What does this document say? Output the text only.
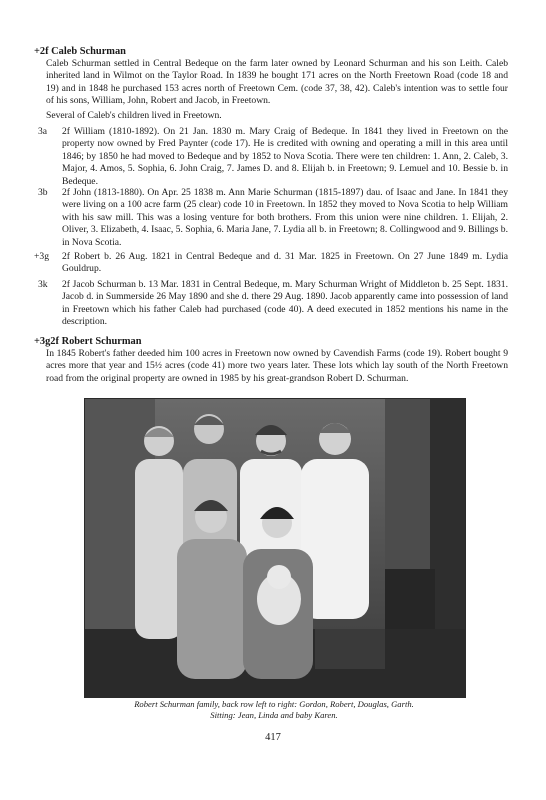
+2f Caleb Schurman
Caleb Schurman settled in Central Bedeque on the farm later owned by Leonard Schurman and his son Leith. Caleb inherited land in Wilmot on the Taylor Road. In 1839 he bought 171 acres on the North Freetown Road (code 18 and 19) and in 1848 he purchased 153 acres north of Freetown Cem. (code 37, 38, 42). Caleb's intention was to settle four of his sons, William, John, Robert and Jacob, in Freetown.
Several of Caleb's children lived in Freetown.
3a 2f William (1810-1892). On 21 Jan. 1830 m. Mary Craig of Bedeque. In 1841 they lived in Freetown on the property now owned by Fred Paynter (code 17). He is credited with owning and operating a mill in this area until 1846; by 1850 he had moved to Bedeque and by 1852 to Nova Scotia. There were ten children: 1. Ann, 2. Caleb, 3. Major, 4. Amos, 5. Sophia, 6. John Craig, 7. James D. and 8. Elijah b. in Freetown; 9. Lemuel and 10. Bessie b. in Bedeque.
3b 2f John (1813-1880). On Apr. 25 1838 m. Ann Marie Schurman (1815-1897) dau. of Isaac and Jane. In 1841 they were living on a 100 acre farm (25 clear) code 10 in Freetown. In 1852 they moved to Nova Scotia to help William with his saw mill. This was a losing venture for both brothers. From this union were nine children. 1. Elijah, 2. Oliver, 3. Elizabeth, 4. Isaac, 5. Sophia, 6. Maria Jane, 7. Lydia all b. in Freetown; 8. Collingwood and 9. Billings b. in Nova Scotia.
+3g 2f Robert b. 26 Aug. 1821 in Central Bedeque and d. 31 Mar. 1825 in Freetown. On 27 June 1849 m. Lydia Gouldrup.
3k 2f Jacob Schurman b. 13 Mar. 1831 in Central Bedeque, m. Mary Schurman Wright of Middleton b. 25 Sept. 1831. Jacob d. in Summerside 26 May 1890 and she d. there 29 Aug. 1890. Jacob apparently came into possession of land in Freetown which his father Caleb had purchased (code 40). A deed executed in 1852 mentions his name in the description.
+3g2f Robert Schurman
In 1845 Robert's father deeded him 100 acres in Freetown now owned by Cavendish Farms (code 19). Robert bought 9 acres more that year and 15½ acres (code 41) more two years later. These lots which lay south of the North Freetown road from the original property are owned in 1985 by his great-grandson Robert D. Schurman.
Robert Schurman family, back row left to right: Gordon, Robert, Douglas, Garth.
Sitting: Jean, Linda and baby Karen.
417
